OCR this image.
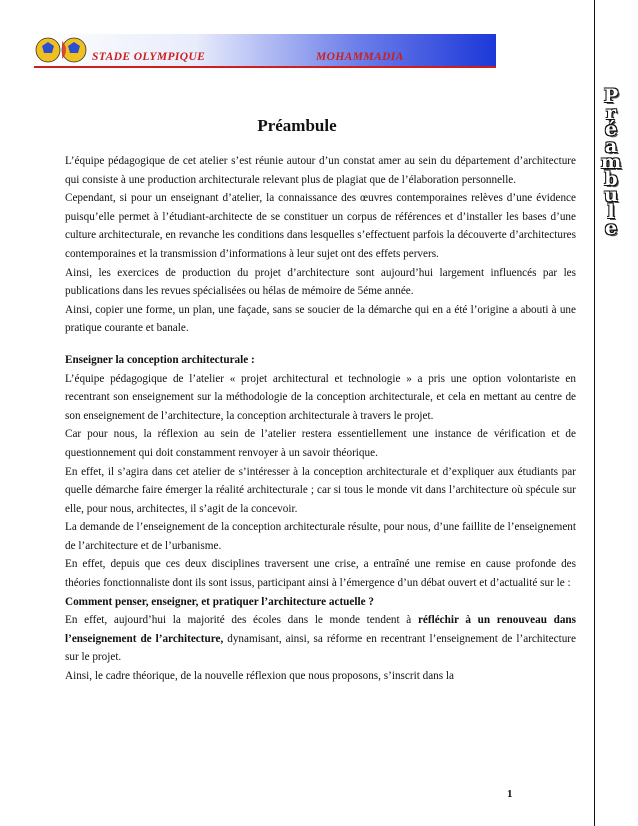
STADE OLYMPIQUE	MOHAMMADIA
P
r
é
a
m
b
u
l
e
Préambule

L’équipe pédagogique de cet atelier s’est réunie autour d’un constat amer au sein du département d’architecture qui consiste à une production architecturale relevant plus de plagiat que de l’élaboration personnelle.

Cependant, si pour un enseignant d’atelier, la connaissance des œuvres contemporaines relèves d’une évidence puisqu’elle permet à l’étudiant-architecte de se constituer un corpus de références et d’installer les bases d’une culture architecturale, en revanche les conditions dans lesquelles s’effectuent parfois la découverte d’architectures contemporaines et la transmission d’informations à leur sujet ont des effets pervers.

Ainsi, les exercices de production du projet d’architecture sont aujourd’hui largement influencés par les publications dans les revues spécialisées ou hélas de mémoire de 5éme année.

Ainsi, copier une forme, un plan, une façade, sans se soucier de la démarche qui en a été l’origine a abouti à une pratique courante et banale.

Enseigner la conception architecturale :

L’équipe pédagogique de l’atelier « projet architectural et technologie » a pris une option volontariste en recentrant son enseignement sur la méthodologie de la conception architecturale, et cela en mettant au centre de son enseignement de l’architecture, la conception architecturale à travers le projet.

Car pour nous, la réflexion au sein de l’atelier restera essentiellement une instance de vérification et de questionnement qui doit constamment renvoyer à un savoir théorique.

En effet, il s’agira dans cet atelier de s’intéresser à la conception architecturale et d’expliquer aux étudiants par quelle démarche faire émerger la réalité architecturale ; car si tous le monde vit dans l’architecture où spécule sur elle, pour nous, architectes, il s’agit de la concevoir.

La demande de l’enseignement de la conception architecturale résulte, pour nous, d’une faillite de l’enseignement de l’architecture et de l’urbanisme.

En effet, depuis que ces deux disciplines traversent une crise, a entraîné une remise en cause profonde des théories fonctionnaliste dont ils sont issus, participant ainsi à l’émergence d’un débat ouvert et d’actualité sur le :

Comment penser, enseigner, et pratiquer l’architecture actuelle ?

En effet, aujourd’hui la majorité des écoles dans le monde tendent à réfléchir à un renouveau dans l’enseignement de l’architecture, dynamisant, ainsi, sa réforme en recentrant l’enseignement de l’architecture sur le projet.

Ainsi, le cadre théorique, de la nouvelle réflexion que nous proposons, s’inscrit dans la

1
